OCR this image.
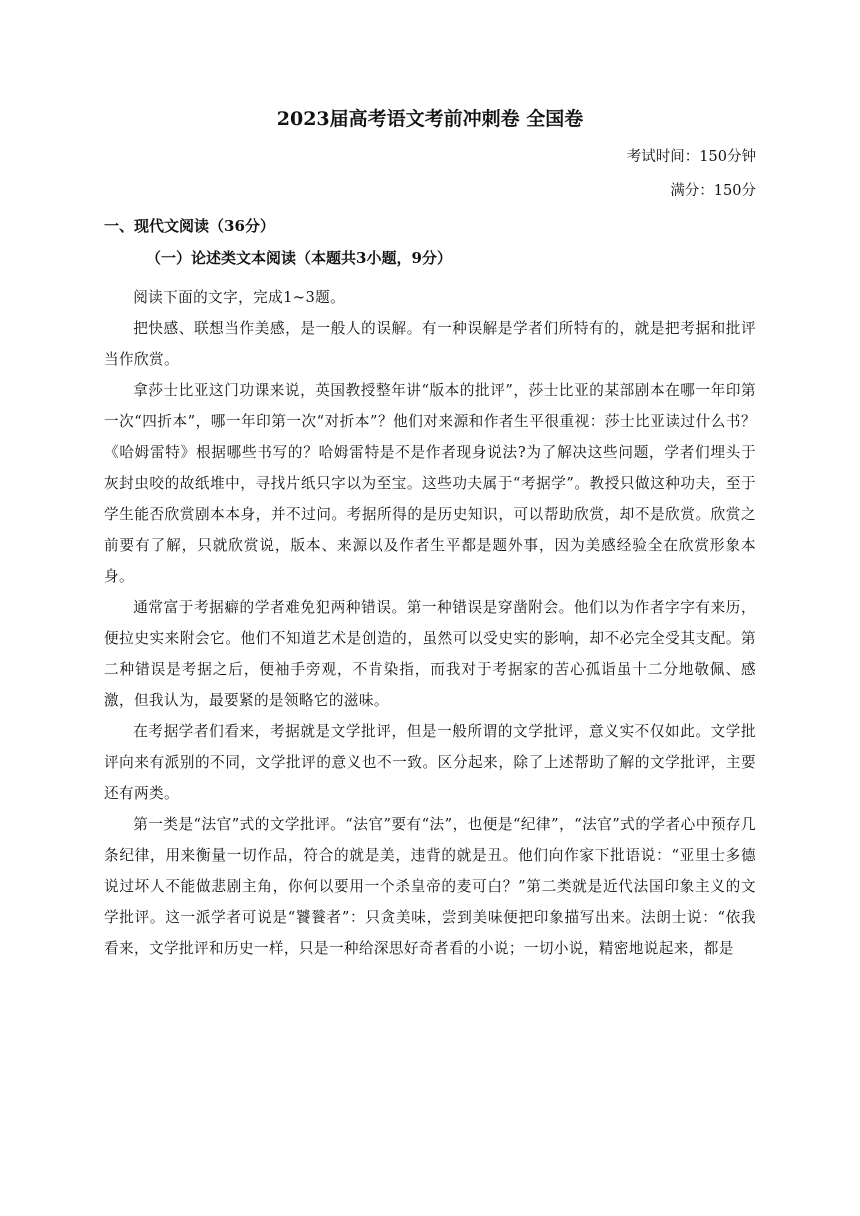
2023届高考语文考前冲刺卷 全国卷
考试时间：150分钟
满分：150分
一、现代文阅读（36分）
（一）论述类文本阅读（本题共3小题，9分）

阅读下面的文字，完成1~3题。

把快感、联想当作美感，是一般人的误解。有一种误解是学者们所特有的，就是把考据和批评当作欣赏。

拿莎士比亚这门功课来说，英国教授整年讲“版本的批评”，莎士比亚的某部剧本在哪一年印第一次“四折本”，哪一年印第一次“对折本”？他们对来源和作者生平很重视：莎士比亚读过什么书？《哈姆雷特》根据哪些书写的？哈姆雷特是不是作者现身说法?为了解决这些问题，学者们埋头于灰封虫咬的故纸堆中，寻找片纸只字以为至宝。这些功夫属于“考据学”。教授只做这种功夫，至于学生能否欣赏剧本本身，并不过问。考据所得的是历史知识，可以帮助欣赏，却不是欣赏。欣赏之前要有了解，只就欣赏说，版本、来源以及作者生平都是题外事，因为美感经验全在欣赏形象本身。

通常富于考据癖的学者难免犯两种错误。第一种错误是穿凿附会。他们以为作者字字有来历，便拉史实来附会它。他们不知道艺术是创造的，虽然可以受史实的影响，却不必完全受其支配。第二种错误是考据之后，便袖手旁观，不肯染指，而我对于考据家的苦心孤诣虽十二分地敬佩、感激，但我认为，最要紧的是领略它的滋味。

在考据学者们看来，考据就是文学批评，但是一般所谓的文学批评，意义实不仅如此。文学批评向来有派别的不同，文学批评的意义也不一致。区分起来，除了上述帮助了解的文学批评，主要还有两类。

第一类是“法官”式的文学批评。“法官”要有“法”，也便是“纪律”，“法官”式的学者心中预存几条纪律，用来衡量一切作品，符合的就是美，违背的就是丑。他们向作家下批语说：“亚里士多德说过坏人不能做悲剧主角，你何以要用一个杀皇帝的麦可白？”第二类就是近代法国印象主义的文学批评。这一派学者可说是“饕餮者”：只贪美味，尝到美味便把印象描写出来。法朗士说：“依我看来，文学批评和历史一样，只是一种给深思好奇者看的小说；一切小说，精密地说起来，都是
